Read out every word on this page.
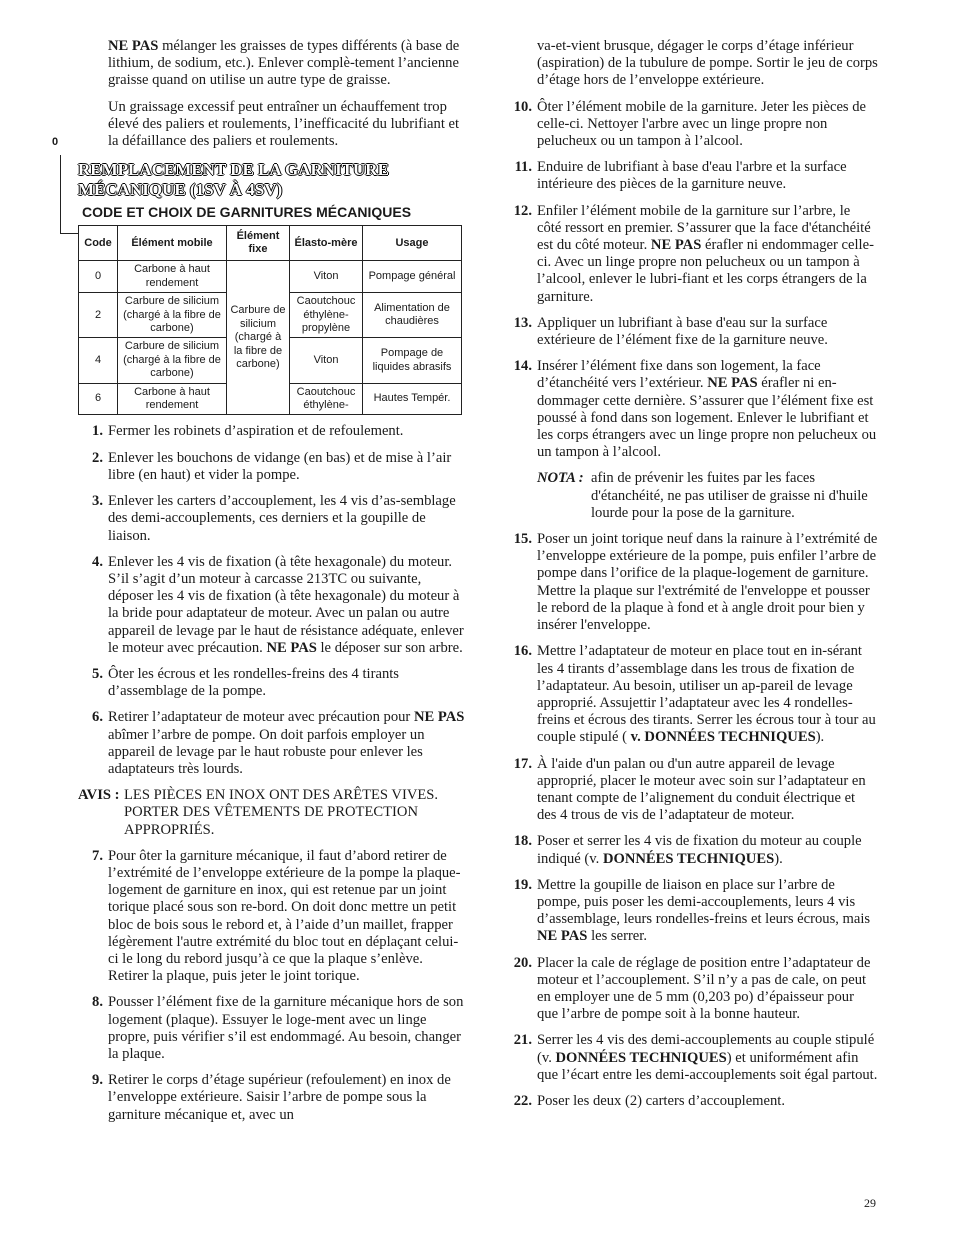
0

NE PAS mélanger les graisses de types différents (à base de lithium, de sodium, etc.). Enlever complè-tement l’ancienne graisse quand on utilise un autre type de graisse.

Un graissage excessif peut entraîner un échauffement trop élevé des paliers et roulements, l’inefficacité du lubrifiant et la défaillance des paliers et roulements.

REMPLACEMENT DE LA GARNITURE
MÉCANIQUE (1SV À 4SV)
CODE ET CHOIX DE GARNITURES MÉCANIQUES
Code	Élément mobile	Élément fixe	Élasto-mère	Usage
0	Carbone à haut rendement	Carbure de silicium (chargé à la fibre de carbone)	Viton	Pompage général
2	Carbure de silicium (chargé à la fibre de carbone)		Caoutchouc éthylène-propylène	Alimentation de chaudières
4	Carbure de silicium (chargé à la fibre de carbone)		Viton	Pompage de liquides abrasifs
6	Carbone à haut rendement		Caoutchouc éthylène-	Hautes Tempér.
1. Fermer les robinets d’aspiration et de refoulement.
2. Enlever les bouchons de vidange (en bas) et de mise à l’air libre (en haut) et vider la pompe.
3. Enlever les carters d’accouplement, les 4 vis d’as-semblage des demi-accouplements, ces derniers et la goupille de liaison.
4. Enlever les 4 vis de fixation (à tête hexagonale) du moteur. S’il s’agit d’un moteur à carcasse 213TC ou suivante, déposer les 4 vis de fixation (à tête hexagonale) du moteur à la bride pour adaptateur de moteur. Avec un palan ou autre appareil de levage par le haut de résistance adéquate, enlever le moteur avec précaution. NE PAS le déposer sur son arbre.
5. Ôter les écrous et les rondelles-freins des 4 tirants d’assemblage de la pompe.
6. Retirer l’adaptateur de moteur avec précaution pour NE PAS abîmer l’arbre de pompe. On doit parfois employer un appareil de levage par le haut robuste pour enlever les adaptateurs très lourds.
AVIS : LES PIÈCES EN INOX ONT DES ARÊTES VIVES. PORTER DES VÊTEMENTS DE PROTECTION APPROPRIÉS.
7. Pour ôter la garniture mécanique, il faut d’abord retirer de l’extrémité de l’enveloppe extérieure de la pompe la plaque-logement de garniture en inox, qui est retenue par un joint torique placé sous son re-bord. On doit donc mettre un petit bloc de bois sous le rebord et, à l’aide d’un maillet, frapper légèrement l'autre extrémité du bloc tout en déplaçant celui-ci le long du rebord jusqu’à ce que la plaque s’enlève. Retirer la plaque, puis jeter le joint torique.
8. Pousser l’élément fixe de la garniture mécanique hors de son logement (plaque). Essuyer le loge-ment avec un linge propre, puis vérifier s’il est endommagé. Au besoin, changer la plaque.
9. Retirer le corps d’étage supérieur (refoulement) en inox de l’enveloppe extérieure. Saisir l’arbre de pompe sous la garniture mécanique et, avec un

va-et-vient brusque, dégager le corps d’étage inférieur (aspiration) de la tubulure de pompe. Sortir le jeu de corps d’étage hors de l’enveloppe extérieure.

10. Ôter l’élément mobile de la garniture. Jeter les pièces de celle-ci. Nettoyer l'arbre avec un linge propre non pelucheux ou un tampon à l’alcool.
11. Enduire de lubrifiant à base d'eau l'arbre et la surface intérieure des pièces de la garniture neuve.
12. Enfiler l’élément mobile de la garniture sur l’arbre, le côté ressort en premier. S’assurer que la face d'étanchéité est du côté moteur. NE PAS érafler ni endommager celle-ci. Avec un linge propre non pelucheux ou un tampon à l’alcool, enlever le lubri-fiant et les corps étrangers de la garniture.
13. Appliquer un lubrifiant à base d'eau sur la surface extérieure de l’élément fixe de la garniture neuve.
14. Insérer l’élément fixe dans son logement, la face d’étanchéité vers l’extérieur. NE PAS érafler ni en-dommager cette dernière. S’assurer que l’élément fixe est poussé à fond dans son logement. Enlever le lubrifiant et les corps étrangers avec un linge propre non pelucheux ou un tampon à l’alcool.
NOTA : afin de prévenir les fuites par les faces d'étanchéité, ne pas utiliser de graisse ni d'huile lourde pour la pose de la garniture.
15. Poser un joint torique neuf dans la rainure à l’extrémité de l’enveloppe extérieure de la pompe, puis enfiler l’arbre de pompe dans l’orifice de la plaque-logement de garniture. Mettre la plaque sur l'extrémité de l'enveloppe et pousser le rebord de la plaque à fond et à angle droit pour bien y insérer l'enveloppe.
16. Mettre l’adaptateur de moteur en place tout en in-sérant les 4 tirants d’assemblage dans les trous de fixation de l’adaptateur. Au besoin, utiliser un ap-pareil de levage approprié. Assujettir l’adaptateur avec les 4 rondelles-freins et écrous des tirants. Serrer les écrous tour à tour au couple stipulé ( v. DONNÉES TECHNIQUES).
17. À l'aide d'un palan ou d'un autre appareil de levage approprié, placer le moteur avec soin sur l’adaptateur en tenant compte de l’alignement du conduit électrique et des 4 trous de vis de l’adaptateur de moteur.
18. Poser et serrer les 4 vis de fixation du moteur au couple indiqué (v. DONNÉES TECHNIQUES).
19. Mettre la goupille de liaison en place sur l’arbre de pompe, puis poser les demi-accouplements, leurs 4 vis d’assemblage, leurs rondelles-freins et leurs écrous, mais NE PAS les serrer.
20. Placer la cale de réglage de position entre l’adaptateur de moteur et l’accouplement. S’il n’y a pas de cale, on peut en employer une de 5 mm (0,203 po) d’épaisseur pour que l’arbre de pompe soit à la bonne hauteur.
21. Serrer les 4 vis des demi-accouplements au couple stipulé (v. DONNÉES TECHNIQUES) et uniformément afin que l’écart entre les demi-accouplements soit égal partout.
22. Poser les deux (2) carters d’accouplement.
29
